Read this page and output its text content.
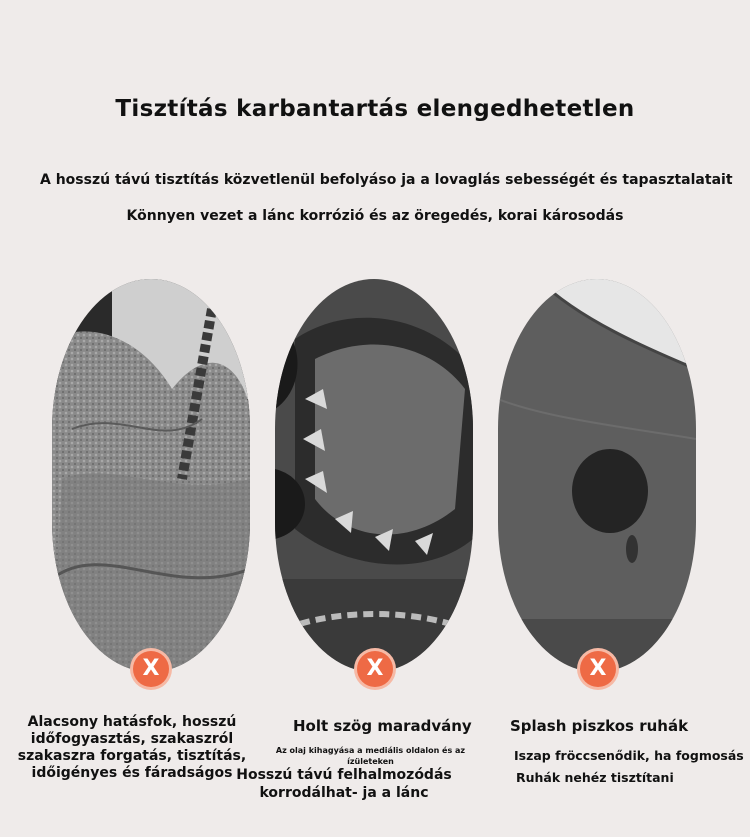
Tisztítás karbantartás elengedhetetlen
A hosszú távú tisztítás közvetlenül befolyáso ja a lovaglás sebességét és tapasztalatait
Könnyen vezet a lánc korrózió és az öregedés, korai károsodás
X	X	X
Alacsony hatásfok, hosszú időfogyasztás, szakaszról szakaszra forgatás, tisztítás, időigényes és fáradságos
Holt szög maradvány
Az olaj kihagyása a mediális oldalon és az ízületeken
Hosszú távú felhalmozódás korrodálhat- ja a lánc
Splash piszkos ruhák
Iszap fröccsenődik, ha fogmosás
Ruhák nehéz tisztítani
